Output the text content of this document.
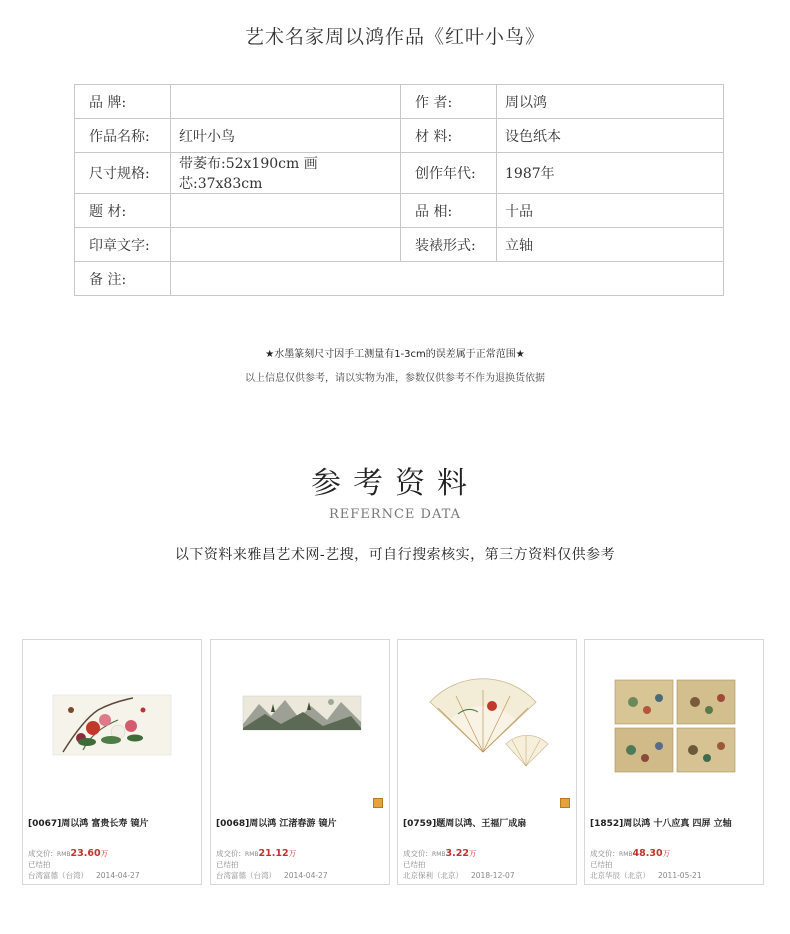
艺术名家周以鸿作品《红叶小鸟》
品 牌:		作 者:	周以鸿
作品名称:	红叶小鸟	材 料:	设色纸本
尺寸规格:	带萎布:52x190cm 画芯:37x83cm	创作年代:	1987年
题 材:		品 相:	十品
印章文字:		装裱形式:	立轴
备 注:			
★水墨篆刻尺寸因手工测量有1-3cm的误差属于正常范围★
以上信息仅供参考，请以实物为准，参数仅供参考不作为退换货依据
参考资料
REFERNCE DATA
以下资料来雅昌艺术网-艺搜，可自行搜索核实，第三方资料仅供参考
[0067]周以鸿 富贵长寿 镜片
成交价: RMB23.60万
已结拍
台湾富德（台湾） 2014-04-27
[0068]周以鸿 江渚春游 镜片
成交价: RMB21.12万
已结拍
台湾富德（台湾） 2014-04-27
[0759]题周以鸿、王福厂成扇
成交价: RMB3.22万
已结拍
北京保利（北京） 2018-12-07
[1852]周以鸿 十八应真 四屏 立轴
成交价: RMB48.30万
已结拍
北京华辰（北京） 2011-05-21
